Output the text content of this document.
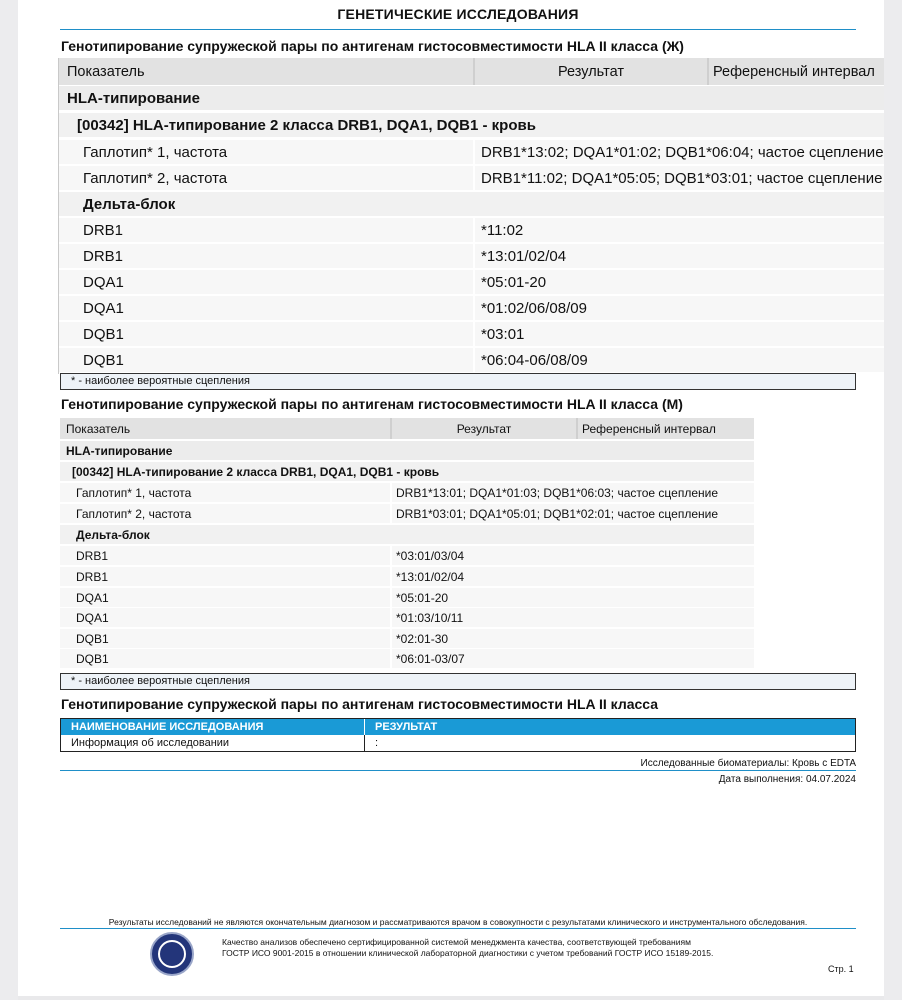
ГЕНЕТИЧЕСКИЕ ИССЛЕДОВАНИЯ
Генотипирование супружеской пары по антигенам гистосовместимости HLA II класса (Ж)
Показатель	Результат	Референсный интервал
HLA-типирование
[00342] HLA-типирование 2 класса DRB1, DQA1, DQB1 - кровь
Гаплотип* 1, частота	DRB1*13:02; DQA1*01:02; DQB1*06:04; частое сцепление
Гаплотип* 2, частота	DRB1*11:02; DQA1*05:05; DQB1*03:01; частое сцепление
Дельта-блок
DRB1	*11:02
DRB1	*13:01/02/04
DQA1	*05:01-20
DQA1	*01:02/06/08/09
DQB1	*03:01
DQB1	*06:04-06/08/09
* - наиболее вероятные сцепления
Генотипирование супружеской пары по антигенам гистосовместимости HLA II класса (М)
Показатель	Результат	Референсный интервал
HLA-типирование
[00342] HLA-типирование 2 класса DRB1, DQA1, DQB1 - кровь
Гаплотип* 1, частота	DRB1*13:01; DQA1*01:03; DQB1*06:03; частое сцепление
Гаплотип* 2, частота	DRB1*03:01; DQA1*05:01; DQB1*02:01; частое сцепление
Дельта-блок
DRB1	*03:01/03/04
DRB1	*13:01/02/04
DQA1	*05:01-20
DQA1	*01:03/10/11
DQB1	*02:01-30
DQB1	*06:01-03/07
* - наиболее вероятные сцепления
Генотипирование супружеской пары по антигенам гистосовместимости HLA II класса
НАИМЕНОВАНИЕ ИССЛЕДОВАНИЯ	РЕЗУЛЬТАТ
Информация об исследовании	:
Исследованные биоматериалы: Кровь с EDTA
Дата выполнения: 04.07.2024
Результаты исследований не являются окончательным диагнозом и рассматриваются врачом в совокупности с результатами клинического и инструментального обследования.
Качество анализов обеспечено сертифицированной системой менеджмента качества, соответствующей требованиям
ГОСТР ИСО 9001-2015 в отношении клинической лабораторной диагностики с учетом требований ГОСТР ИСО 15189-2015.
Стр. 1
